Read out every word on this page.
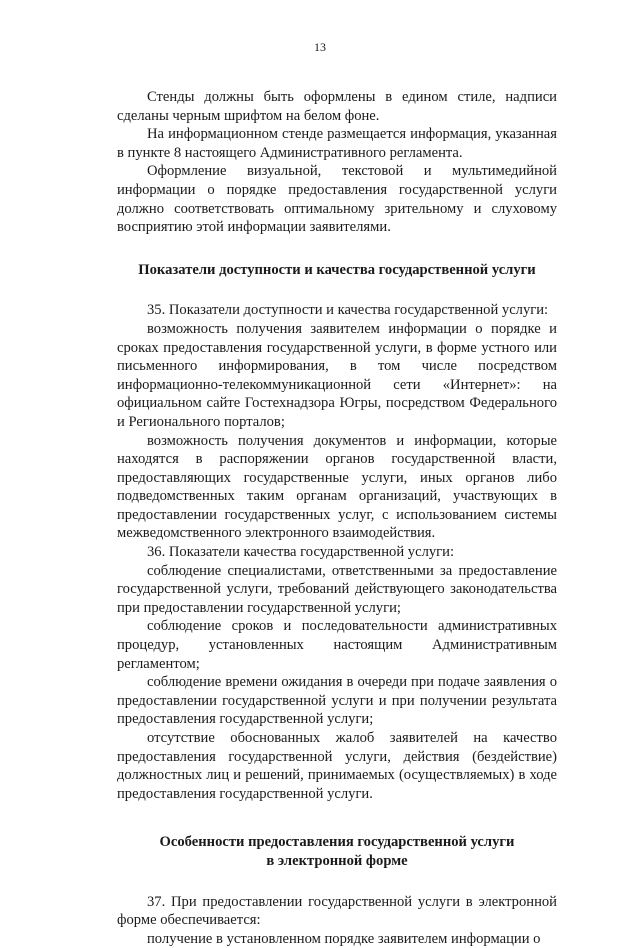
13

Стенды должны быть оформлены в едином стиле, надписи сделаны черным шрифтом на белом фоне.

На информационном стенде размещается информация, указанная в пункте 8 настоящего Административного регламента.

Оформление визуальной, текстовой и мультимедийной информации о порядке предоставления государственной услуги должно соответствовать оптимальному зрительному и слуховому восприятию этой информации заявителями.

Показатели доступности и качества государственной услуги

35. Показатели доступности и качества государственной услуги:

возможность получения заявителем информации о порядке и сроках предоставления государственной услуги, в форме устного или письменного информирования, в том числе посредством информационно-телекоммуникационной сети «Интернет»: на официальном сайте Гостехнадзора Югры, посредством Федерального и Регионального порталов;

возможность получения документов и информации, которые находятся в распоряжении органов государственной власти, предоставляющих государственные услуги, иных органов либо подведомственных таким органам организаций, участвующих в предоставлении государственных услуг, с использованием системы межведомственного электронного взаимодействия.

36. Показатели качества государственной услуги:

соблюдение специалистами, ответственными за предоставление государственной услуги, требований действующего законодательства при предоставлении государственной услуги;

соблюдение сроков и последовательности административных процедур, установленных настоящим Административным регламентом;

соблюдение времени ожидания в очереди при подаче заявления о предоставлении государственной услуги и при получении результата предоставления государственной услуги;

отсутствие обоснованных жалоб заявителей на качество предоставления государственной услуги, действия (бездействие) должностных лиц и решений, принимаемых (осуществляемых) в ходе предоставления государственной услуги.

Особенности предоставления государственной услуги

в электронной форме

37. При предоставлении государственной услуги в электронной форме обеспечивается:

получение в установленном порядке заявителем информации о
